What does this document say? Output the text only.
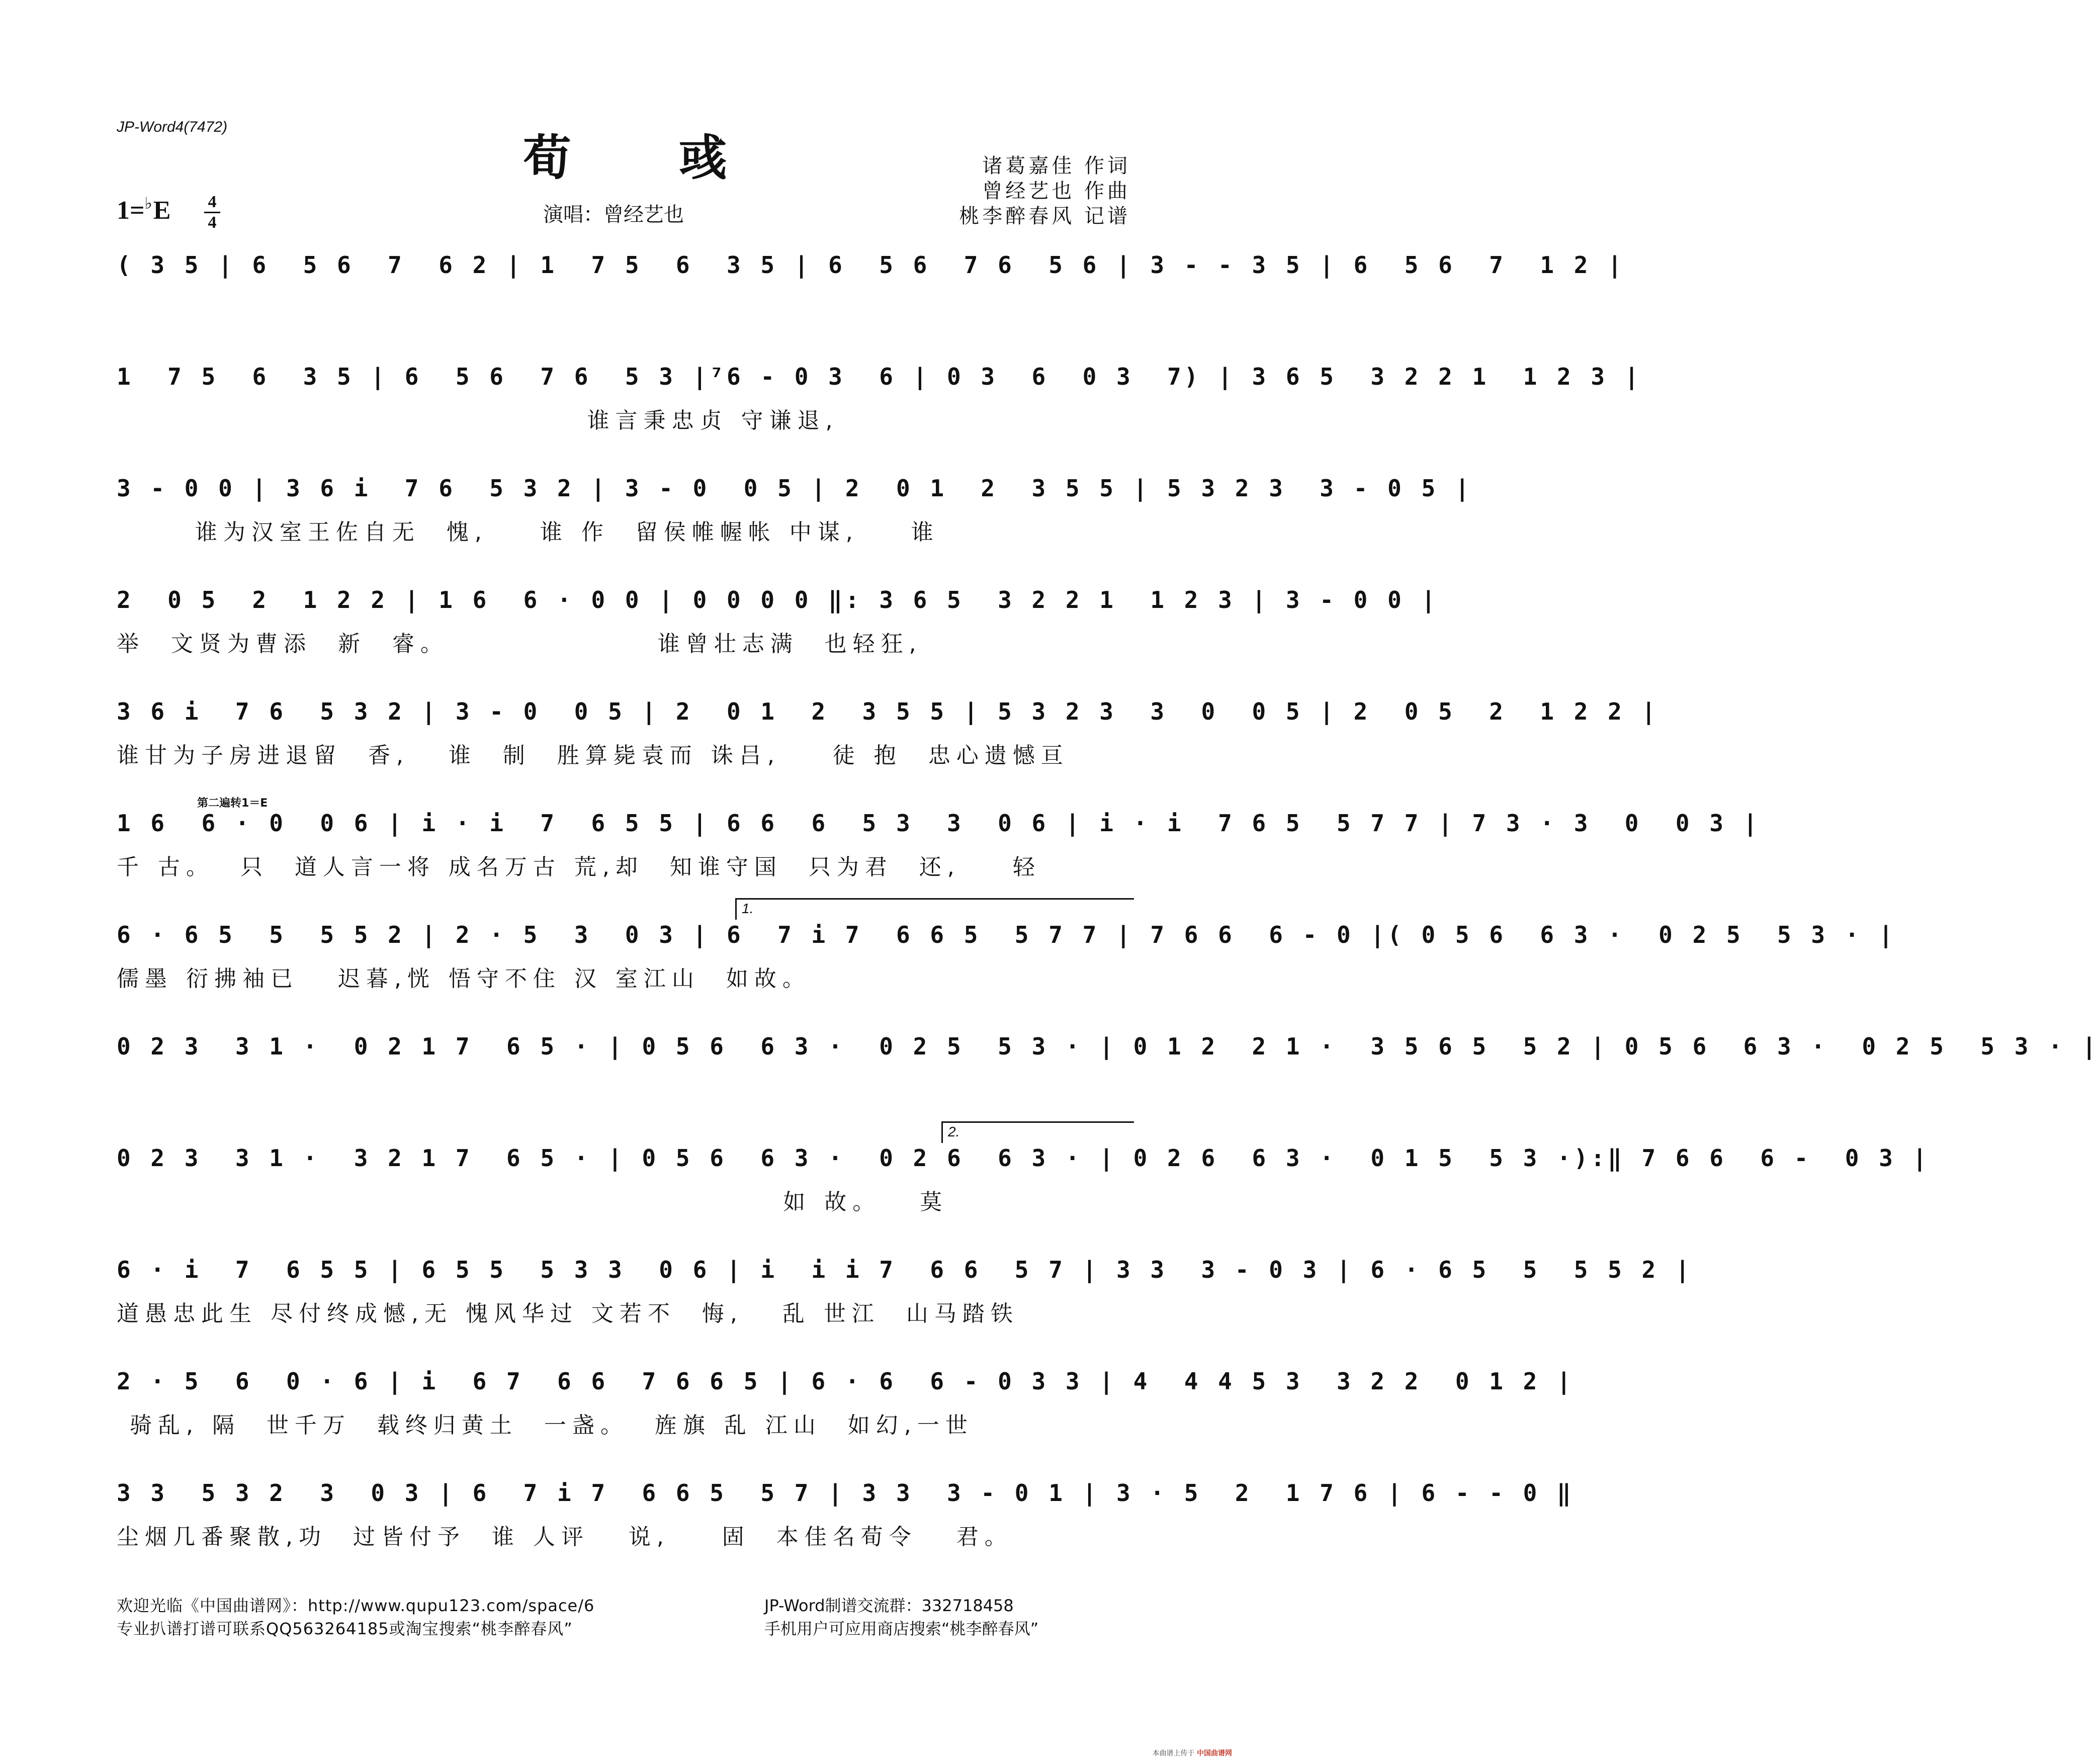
JP-Word4(7472)
荀 彧
1=♭E	4
4	演唱：曾经艺也
诸葛嘉佳 作词
曾经艺也 作曲
桃李醉春风 记谱
( 3 5 | 6  5 6  7  6 2 | 1  7 5  6  3 5 | 6  5 6  7 6  5 6 | 3 - - 3 5 | 6  5 6  7  1 2 |
1  7 5  6  3 5 | 6  5 6  7 6  5 3 |⁷6 - 0 3  6 | 0 3  6  0 3  7) | 3 6 5  3 2 2 1  1 2 3 |
谁言秉忠贞 守谦退,
3 - 0 0 | 3 6 i  7 6  5 3 2 | 3 - 0  0 5 | 2  0 1  2  3 5 5 | 5 3 2 3  3 - 0 5 |
谁为汉室王佐自无  愧,    谁 作  留侯帷幄帐 中谋,    谁
2  0 5  2  1 2 2 | 1 6  6 · 0 0 | 0 0 0 0 ‖: 3 6 5  3 2 2 1  1 2 3 | 3 - 0 0 |
举  文贤为曹添  新  睿。                谁曾壮志满  也轻狂,
3 6 i  7 6  5 3 2 | 3 - 0  0 5 | 2  0 1  2  3 5 5 | 5 3 2 3  3  0  0 5 | 2  0 5  2  1 2 2 |
谁甘为子房进退留  香,   谁  制  胜算毙袁而 诛吕,    徒 抱  忠心遗憾亘
第二遍转1＝E
1 6  6 · 0  0 6 | i · i  7  6 5 5 | 6 6  6  5 3  3  0 6 | i · i  7 6 5  5 7 7 | 7 3 · 3  0  0 3 |
千 古。  只  道人言一将 成名万古 荒,却  知谁守国  只为君  还,    轻
1.
6 · 6 5  5  5 5 2 | 2 · 5  3  0 3 | 6  7 i 7  6 6 5  5 7 7 | 7 6 6  6 - 0 |( 0 5 6  6 3 ·  0 2 5  5 3 · |
儒墨 衍拂袖已   迟暮,恍 悟守不住 汉 室江山  如故。
0 2 3  3 1 ·  0 2 1 7  6 5 · | 0 5 6  6 3 ·  0 2 5  5 3 · | 0 1 2  2 1 ·  3 5 6 5  5 2 | 0 5 6  6 3 ·  0 2 5  5 3 · |
2.
0 2 3  3 1 ·  3 2 1 7  6 5 · | 0 5 6  6 3 ·  0 2 6  6 3 · | 0 2 6  6 3 ·  0 1 5  5 3 ·):‖ 7 6 6  6 -  0 3 |
如 故。   莫
6 · i  7  6 5 5 | 6 5 5  5 3 3  0 6 | i  i i 7  6 6  5 7 | 3 3  3 - 0 3 | 6 · 6 5  5  5 5 2 |
道愚忠此生 尽付终成憾,无 愧风华过 文若不  悔,   乱 世江  山马踏铁
2 · 5  6  0 · 6 | i  6 7  6 6  7 6 6 5 | 6 · 6  6 - 0 3 3 | 4  4 4 5 3  3 2 2  0 1 2 |
骑乱, 隔  世千万  载终归黄土  一盏。  旌旗 乱 江山  如幻,一世
3 3  5 3 2  3  0 3 | 6  7 i 7  6 6 5  5 7 | 3 3  3 - 0 1 | 3 · 5  2  1 7 6 | 6 - - 0 ‖
尘烟几番聚散,功  过皆付予  谁 人评   说,    固  本佳名荀令   君。
欢迎光临《中国曲谱网》：http://www.qupu123.com/space/6
专业扒谱打谱可联系QQ563264185或淘宝搜索“桃李醉春风”
JP-Word制谱交流群：332718458
手机用户可应用商店搜索“桃李醉春风”
本曲谱上传于 中国曲谱网
